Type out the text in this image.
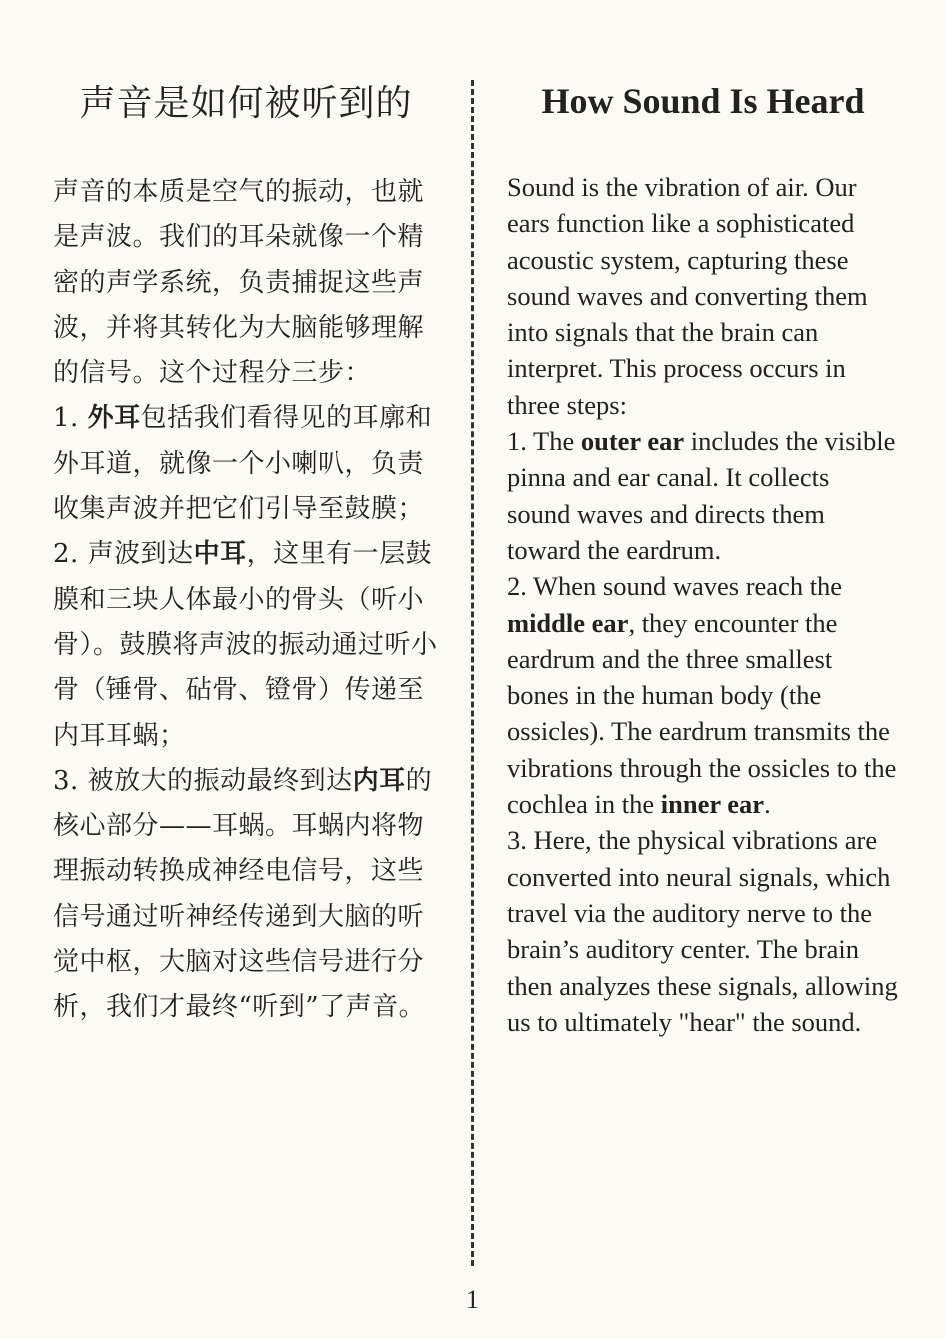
声音是如何被听到的

声音的本质是空气的振动，也就是声波。我们的耳朵就像一个精密的声学系统，负责捕捉这些声波，并将其转化为大脑能够理解的信号。这个过程分三步：

1. 外耳包括我们看得见的耳廓和外耳道，就像一个小喇叭，负责收集声波并把它们引导至鼓膜；

2. 声波到达中耳，这里有一层鼓膜和三块人体最小的骨头（听小骨）。鼓膜将声波的振动通过听小骨（锤骨、砧骨、镫骨）传递至内耳耳蜗；

3. 被放大的振动最终到达内耳的核心部分——耳蜗。耳蜗内将物理振动转换成神经电信号，这些信号通过听神经传递到大脑的听觉中枢，大脑对这些信号进行分析，我们才最终“听到”了声音。

How Sound Is Heard

Sound is the vibration of air. Our ears function like a sophisticated acoustic system, capturing these sound waves and converting them into signals that the brain can interpret. This process occurs in three steps:

1. The outer ear includes the visible pinna and ear canal. It collects sound waves and directs them toward the eardrum.

2. When sound waves reach the middle ear, they encounter the eardrum and the three smallest bones in the human body (the ossicles). The eardrum transmits the vibrations through the ossicles to the cochlea in the inner ear.

3. Here, the physical vibrations are converted into neural signals, which travel via the auditory nerve to the brain’s auditory center. The brain then analyzes these signals, allowing us to ultimately "hear" the sound.

1
